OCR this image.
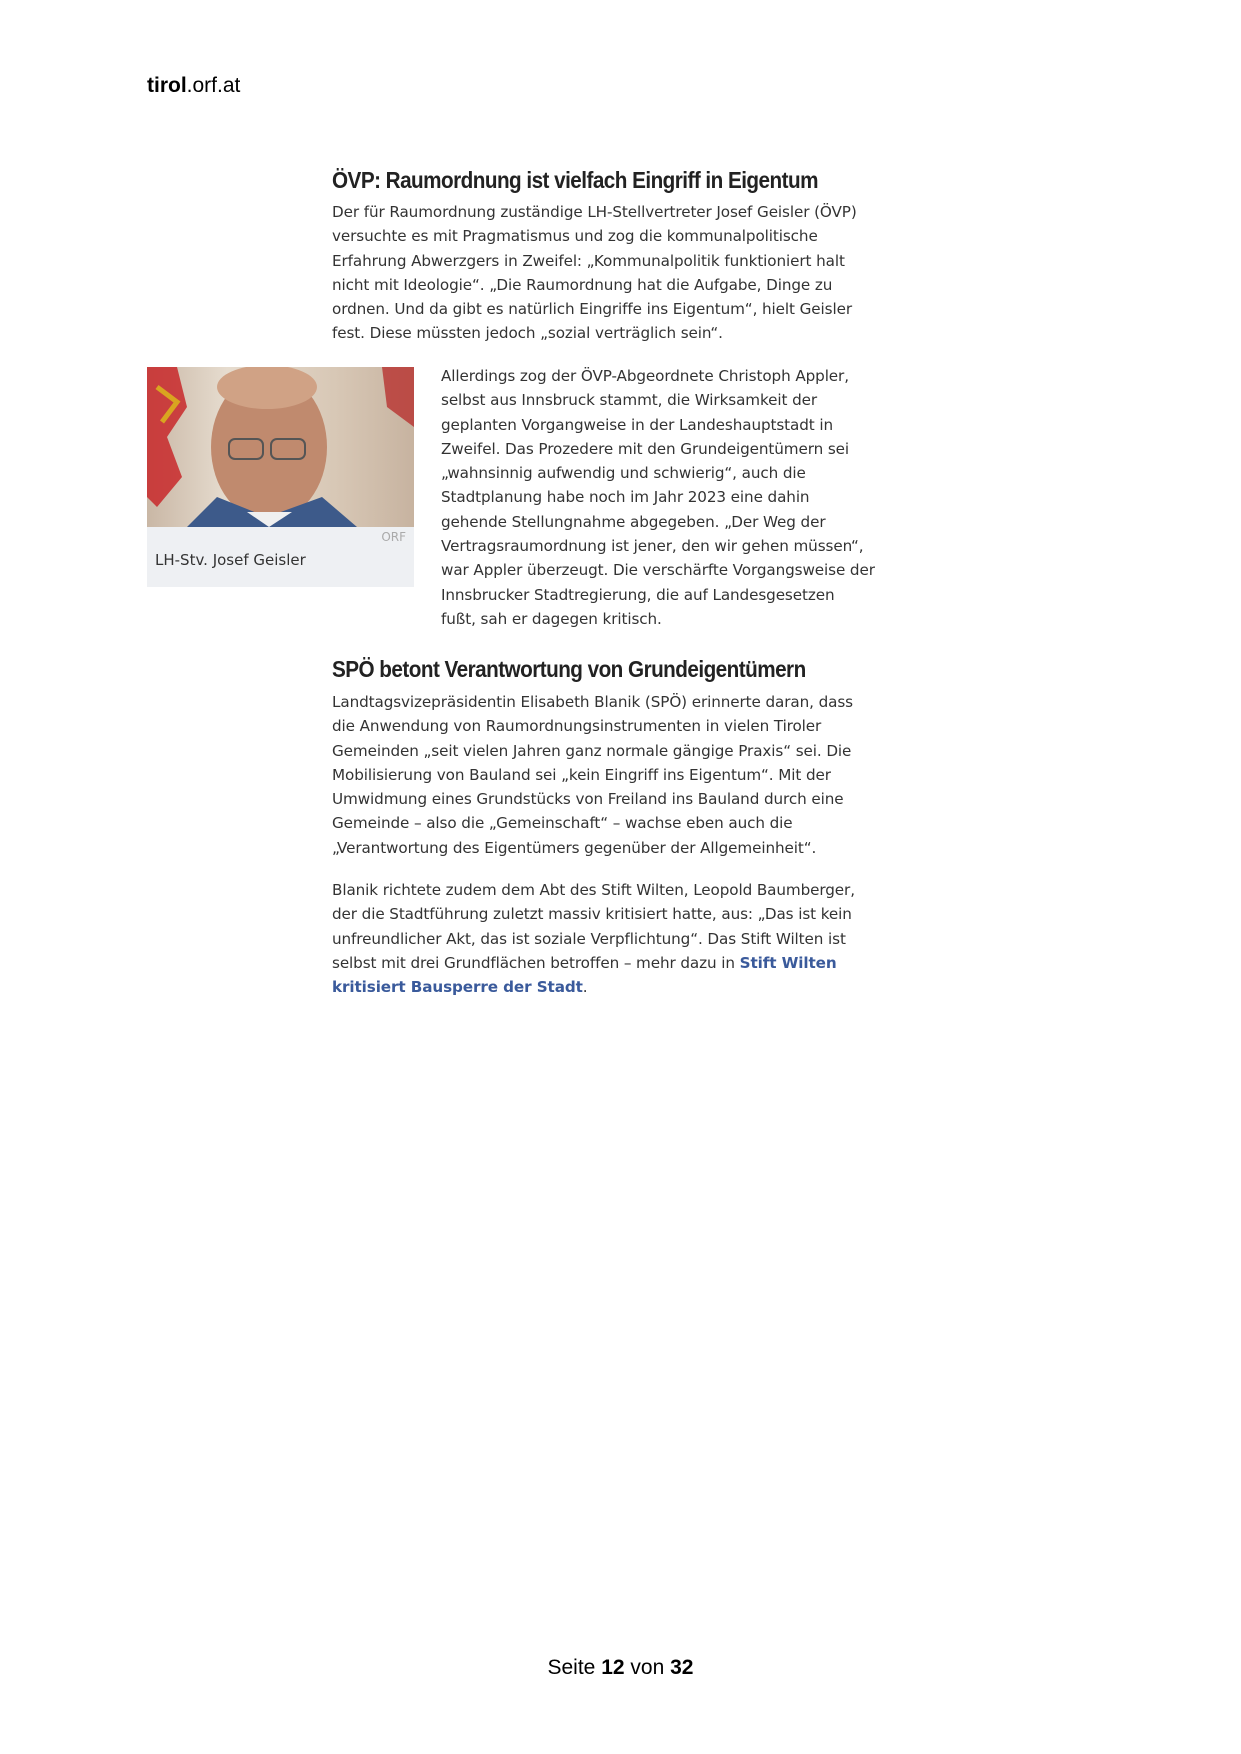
tirol.orf.at
ÖVP: Raumordnung ist vielfach Eingriff in Eigentum
Der für Raumordnung zuständige LH-Stellvertreter Josef Geisler (ÖVP)
versuchte es mit Pragmatismus und zog die kommunalpolitische
Erfahrung Abwerzgers in Zweifel: „Kommunalpolitik funktioniert halt
nicht mit Ideologie“. „Die Raumordnung hat die Aufgabe, Dinge zu
ordnen. Und da gibt es natürlich Eingriffe ins Eigentum“, hielt Geisler
fest. Diese müssten jedoch „sozial verträglich sein“.
ORF
LH-Stv. Josef Geisler
Allerdings zog der ÖVP-Abgeordnete Christoph Appler,
selbst aus Innsbruck stammt, die Wirksamkeit der
geplanten Vorgangweise in der Landeshauptstadt in
Zweifel. Das Prozedere mit den Grundeigentümern sei
„wahnsinnig aufwendig und schwierig“, auch die
Stadtplanung habe noch im Jahr 2023 eine dahin
gehende Stellungnahme abgegeben. „Der Weg der
Vertragsraumordnung ist jener, den wir gehen müssen“,
war Appler überzeugt. Die verschärfte Vorgangsweise der
Innsbrucker Stadtregierung, die auf Landesgesetzen
fußt, sah er dagegen kritisch.
SPÖ betont Verantwortung von Grundeigentümern
Landtagsvizepräsidentin Elisabeth Blanik (SPÖ) erinnerte daran, dass
die Anwendung von Raumordnungsinstrumenten in vielen Tiroler
Gemeinden „seit vielen Jahren ganz normale gängige Praxis“ sei. Die
Mobilisierung von Bauland sei „kein Eingriff ins Eigentum“. Mit der
Umwidmung eines Grundstücks von Freiland ins Bauland durch eine
Gemeinde – also die „Gemeinschaft“ – wachse eben auch die
„Verantwortung des Eigentümers gegenüber der Allgemeinheit“.
Blanik richtete zudem dem Abt des Stift Wilten, Leopold Baumberger,
der die Stadtführung zuletzt massiv kritisiert hatte, aus: „Das ist kein
unfreundlicher Akt, das ist soziale Verpflichtung“. Das Stift Wilten ist
selbst mit drei Grundflächen betroffen – mehr dazu in Stift Wilten
kritisiert Bausperre der Stadt.
Seite 12 von 32
